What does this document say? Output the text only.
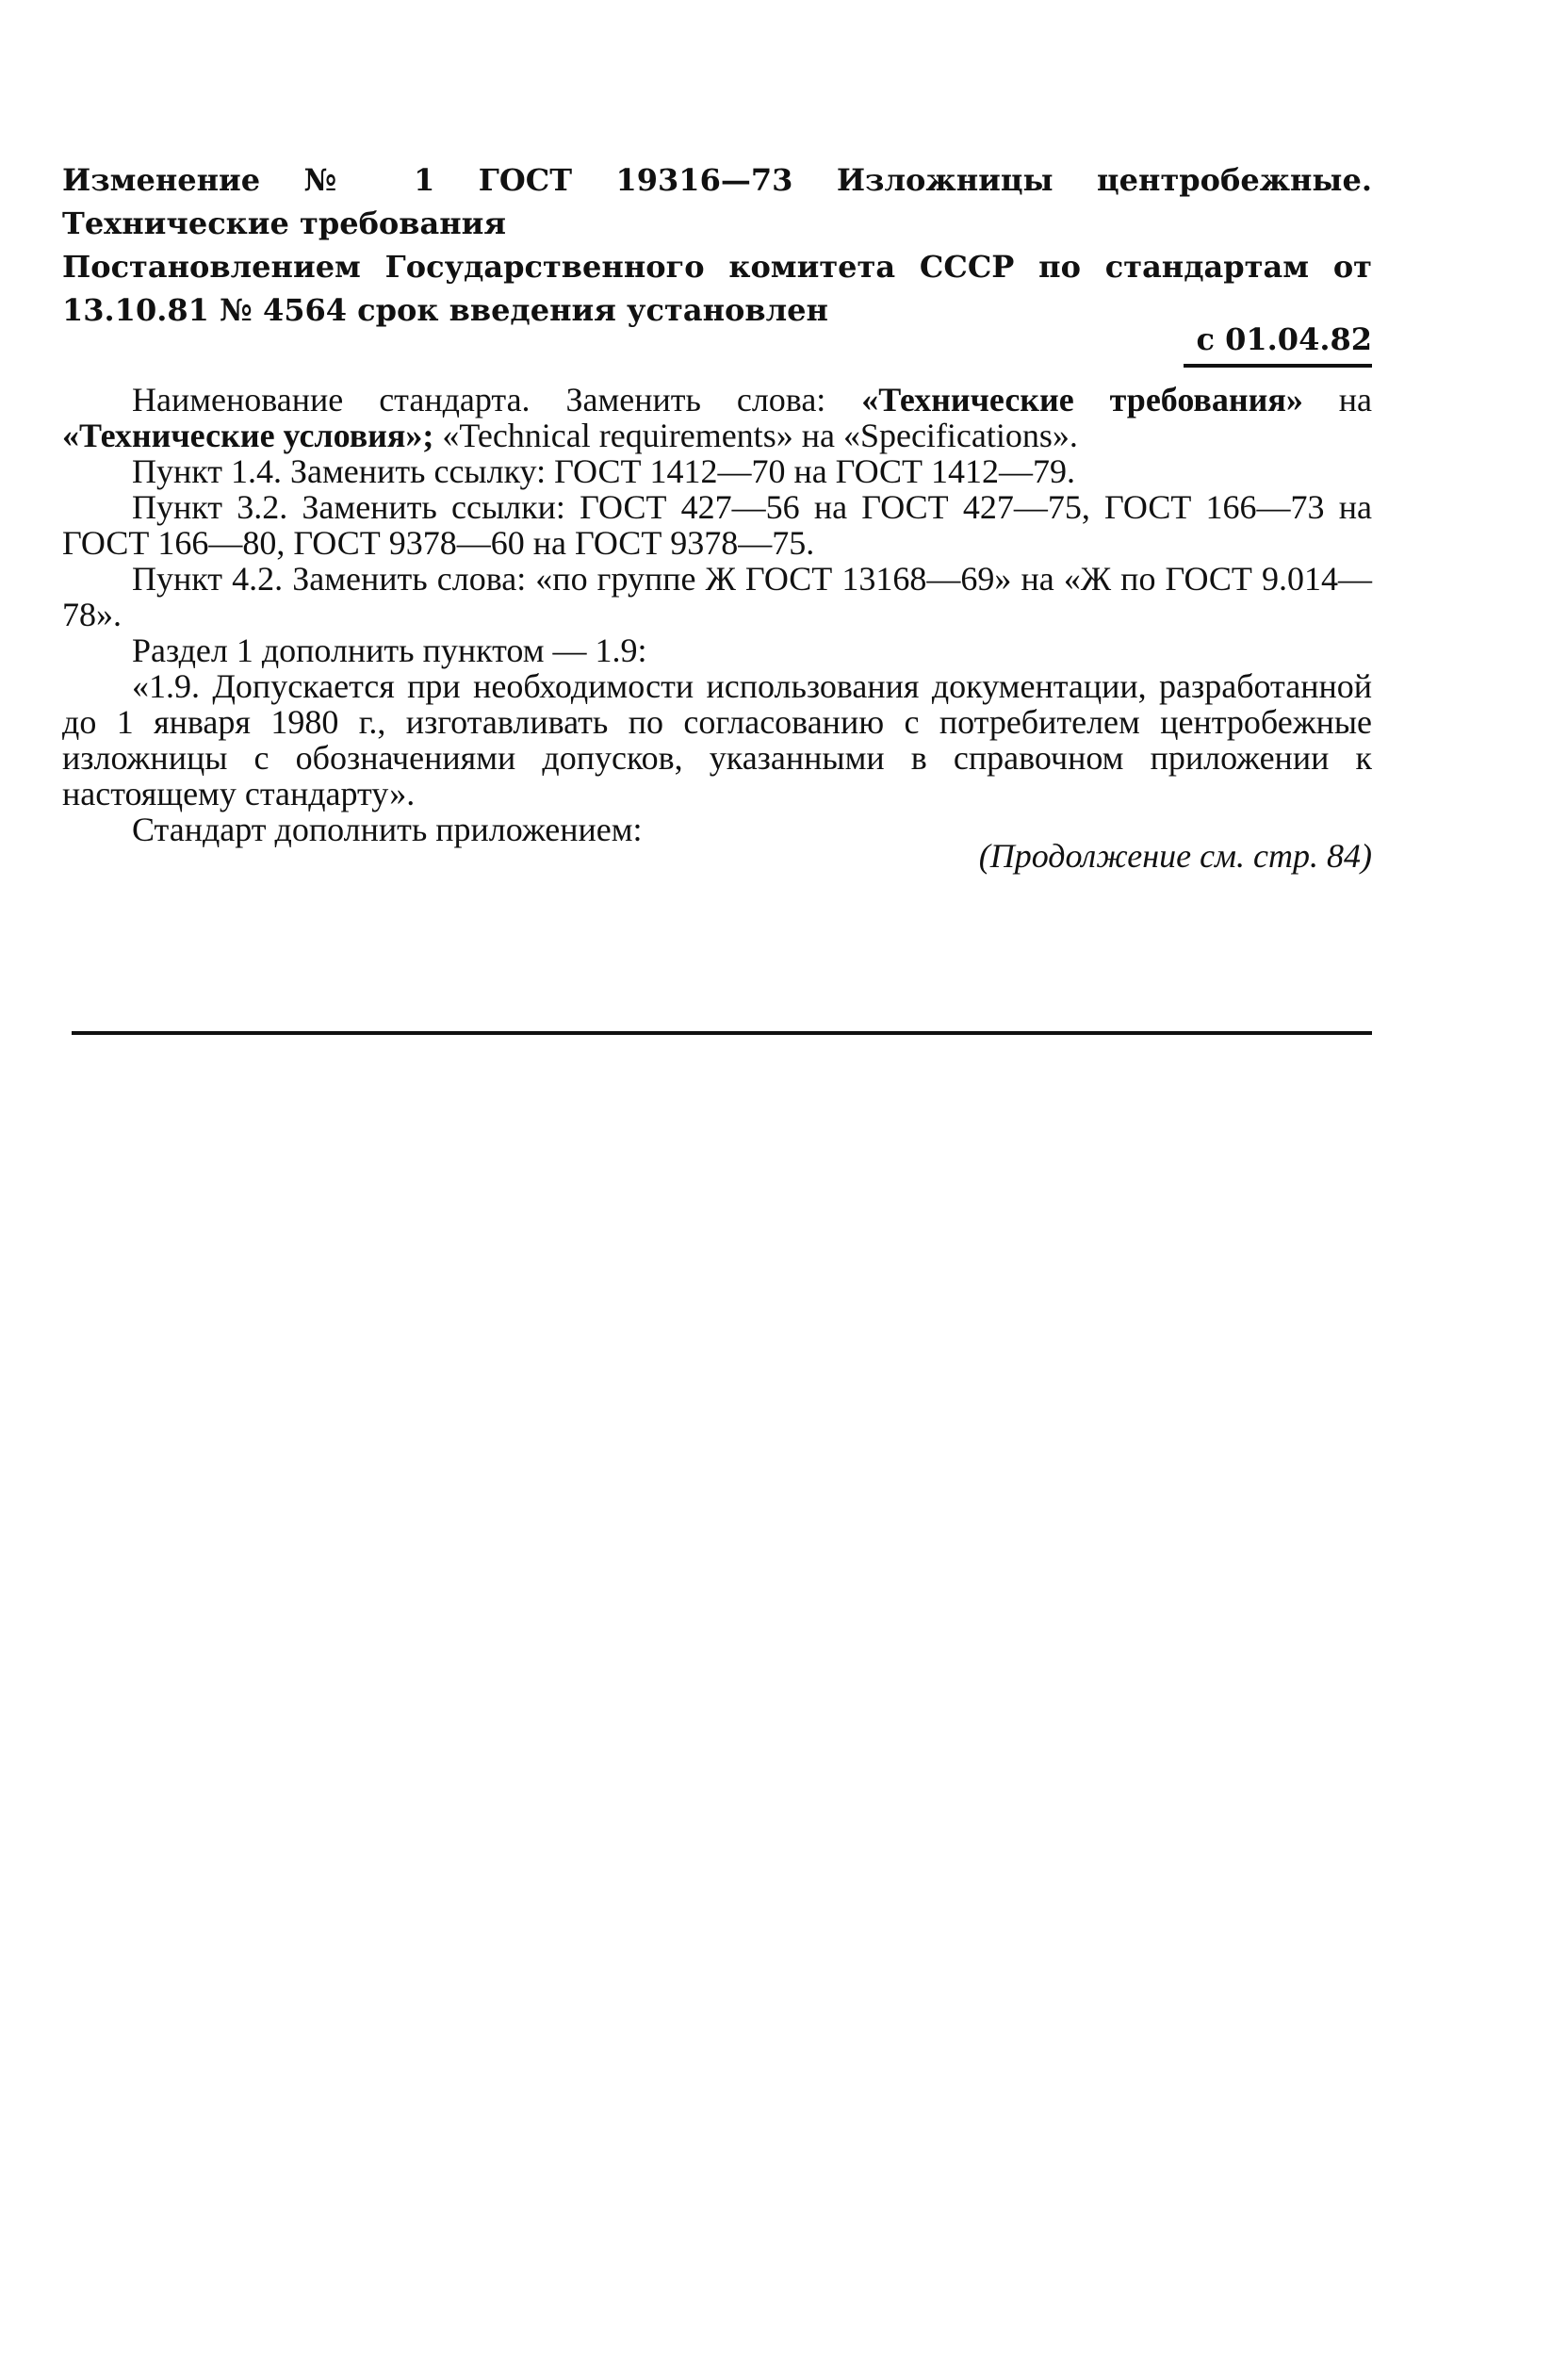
Изменение № 1 ГОСТ 19316—73 Изложницы центробежные. Технические требования
Постановлением Государственного комитета СССР по стандартам от 13.10.81 № 4564 срок введения установлен
с 01.04.82

Наименование стандарта. Заменить слова: «Технические требования» на «Технические условия»; «Technical requirements» на «Specifications».

Пункт 1.4. Заменить ссылку: ГОСТ 1412—70 на ГОСТ 1412—79.

Пункт 3.2. Заменить ссылки: ГОСТ 427—56 на ГОСТ 427—75, ГОСТ 166—73 на ГОСТ 166—80, ГОСТ 9378—60 на ГОСТ 9378—75.

Пункт 4.2. Заменить слова: «по группе Ж ГОСТ 13168—69» на «Ж по ГОСТ 9.014—78».

Раздел 1 дополнить пунктом — 1.9:

«1.9. Допускается при необходимости использования документации, разработанной до 1 января 1980 г., изготавливать по согласованию с потребителем центробежные изложницы с обозначениями допусков, указанными в справочном приложении к настоящему стандарту».

Стандарт дополнить приложением:

(Продолжение см. стр. 84)
